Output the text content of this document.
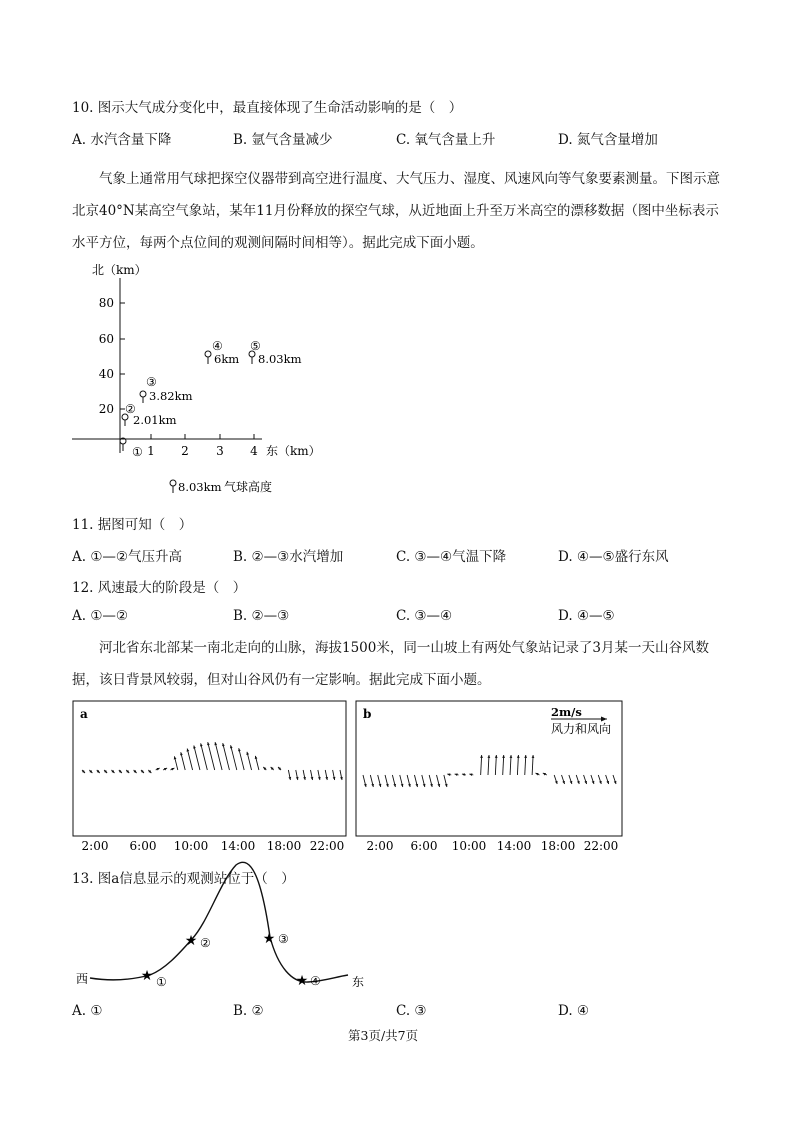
10. 图示大气成分变化中，最直接体现了生命活动影响的是（　）
A. 水汽含量下降	B. 氩气含量减少	C. 氧气含量上升	D. 氮气含量增加
气象上通常用气球把探空仪器带到高空进行温度、大气压力、湿度、风速风向等气象要素测量。下图示意北京40°N某高空气象站，某年11月份释放的探空气球，从近地面上升至万米高空的漂移数据（图中坐标表示水平方位，每两个点位间的观测间隔时间相等）。据此完成下面小题。
20
40
60
80
1 2 3 4
北（km）
东（km）
①
②
2.01km
③
3.82km
④
6km
⑤
8.03km
8.03km 气球高度
11. 据图可知（　）
A. ①—②气压升高	B. ②—③水汽增加	C. ③—④气温下降	D. ④—⑤盛行东风
12. 风速最大的阶段是（　）
A. ①—②	B. ②—③	C. ③—④	D. ④—⑤
河北省东北部某一南北走向的山脉，海拔1500米，同一山坡上有两处气象站记录了3月某一天山谷风数据，该日背景风较弱，但对山谷风仍有一定影响。据此完成下面小题。
a
2:00 6:00 10:00 14:00 18:00 22:00
b	2m/s
风力和风向
2:00 6:00 10:00 14:00 18:00 22:00
13. 图a信息显示的观测站位于（　）
西	东
★ ①
★ ②	★ ③
★ ④
A. ①	B. ②	C. ③	D. ④
第3页/共7页
